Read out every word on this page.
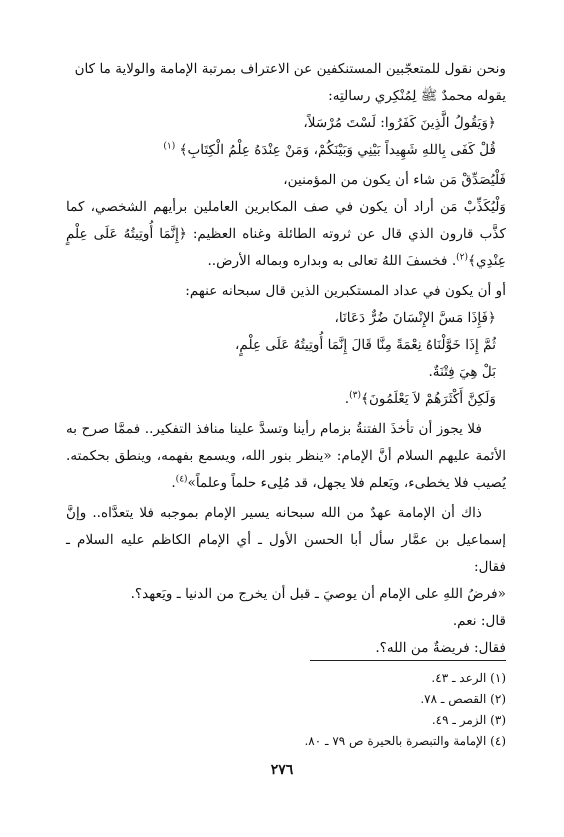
ونحن نقول للمتعجّبين المستنكفين عن الاعتراف بمرتبة الإمامة والولاية ما كان
يقوله محمدٌ ﷺ لِمُنْكِري رسالتِه:

﴿وَيَقُولُ الَّذِينَ كَفَرُوا: لَسْتَ مُرْسَلاً،
قُلْ كَفَى بِاللهِ شَهِيداً بَيْنِي وَبَيْنَكُمْ، وَمَنْ عِنْدَهُ عِلْمُ الْكِتَابِ﴾ $^{(١)}$

فَلْيُصَدِّقْ مَن شاء أن يكون من المؤمنين،

وَلْيُكَذِّبْ مَن أراد أن يكون في صف المكابرين العاملين برأيهم الشخصي، كما كذَّب قارون الذي قال عن ثروته الطائلة وغناه العظيم: ﴿إِنَّمَا أُوتِيتُهُ عَلَى عِلْمٍ عِنْدِي﴾$^{(٢)}$. فخسفَ اللهُ تعالى به وبداره وبماله الأرض..

أو أن يكون في عداد المستكبرين الذين قال سبحانه عنهم:

﴿فَإِذَا مَسَّ الإِنْسَانَ ضُرٌّ دَعَانَا،
ثُمَّ إِذَا خَوَّلْنَاهُ نِعْمَةً مِنَّا قَالَ إِنَّمَا أُوتِيتُهُ عَلَى عِلْمٍ،
بَلْ هِيَ فِتْنَةٌ.
وَلَكِنَّ أَكْثَرَهُمْ لاَ يَعْلَمُونَ﴾$^{(٣)}$.

فلا يجوز أن تأخذَ الفتنةُ بزمام رأينا وتسدَّ علينا منافذ التفكير.. فممَّا صرح به الأئمة عليهم السلام أنَّ الإمام: «ينظر بنور الله، ويسمع بفهمه، وينطق بحكمته. يُصيب فلا يخطىء، ويَعلم فلا يجهل، قد مُلِىء حلماً وعلماً»$^{(٤)}$.

ذاك أن الإمامة عهدٌ من الله سبحانه يسير الإمام بموجبه فلا يتعدَّاه.. وإنَّ إسماعيل بن عمَّار سأل أبا الحسن الأول ـ أي الإمام الكاظم عليه السلام ـ فقال:
«فرضُ اللهِ على الإمام أن يوصيَ ـ قبل أن يخرج من الدنيا ـ ويَعهد؟.
قال: نعم.
فقال: فريضةٌ من الله؟.

(١) الرعد ـ ٤٣.

(٢) القصص ـ ٧٨.

(٣) الزمر ـ ٤٩.

(٤) الإمامة والتبصرة بالحيرة ص ٧٩ ـ ٨٠.

٢٧٦
